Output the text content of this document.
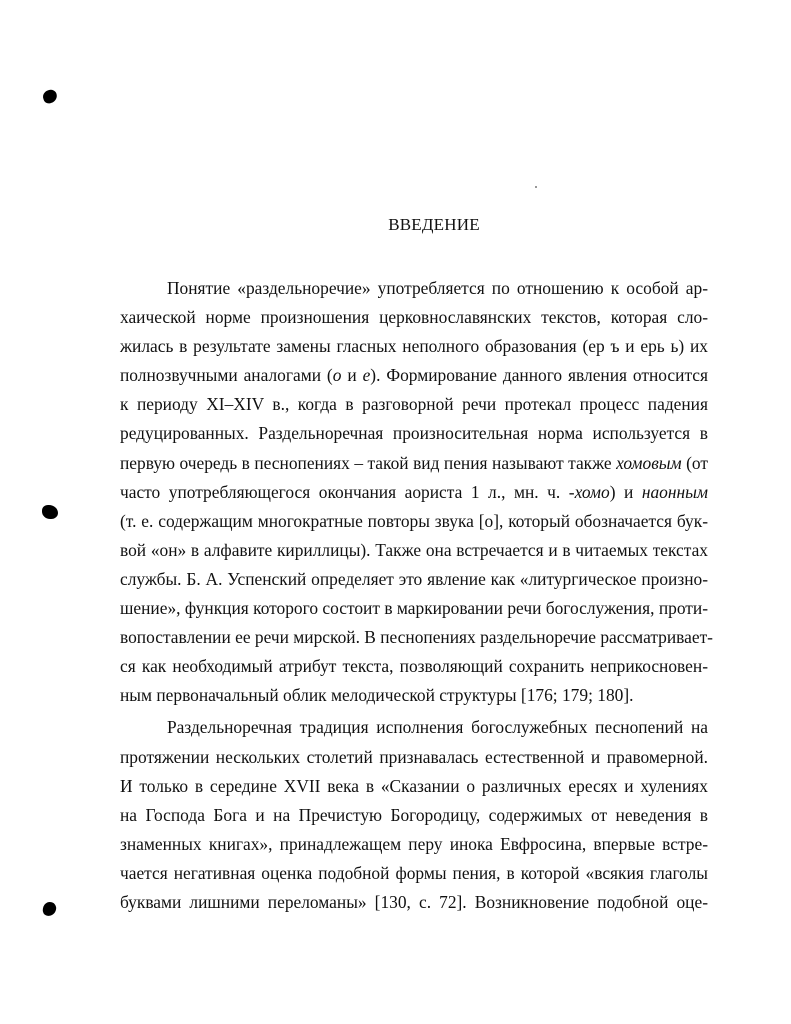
ВВЕДЕНИЕ
Понятие «раздельноречие» употребляется по отношению к особой ар-
хаической норме произношения церковнославянских текстов, которая сло-
жилась в результате замены гласных неполного образования (ер ъ и ерь ь) их
полнозвучными аналогами (о и е). Формирование данного явления относится
к периоду XI–XIV в., когда в разговорной речи протекал процесс падения
редуцированных. Раздельноречная произносительная норма используется в
первую очередь в песнопениях – такой вид пения называют также хомовым (от
часто употребляющегося окончания аориста 1 л., мн. ч. -хомо) и наонным
(т. е. содержащим многократные повторы звука [о], который обозначается бук-
вой «он» в алфавите кириллицы). Также она встречается и в читаемых текстах
службы. Б. А. Успенский определяет это явление как «литургическое произно-
шение», функция которого состоит в маркировании речи богослужения, проти-
вопоставлении ее речи мирской. В песнопениях раздельноречие рассматривает-
ся как необходимый атрибут текста, позволяющий сохранить неприкосновен-
ным первоначальный облик мелодической структуры [176; 179; 180].
Раздельноречная традиция исполнения богослужебных песнопений на
протяжении нескольких столетий признавалась естественной и правомерной.
И только в середине XVII века в «Сказании о различных ересях и хулениях
на Господа Бога и на Пречистую Богородицу, содержимых от неведения в
знаменных книгах», принадлежащем перу инока Евфросина, впервые встре-
чается негативная оценка подобной формы пения, в которой «всякия глаголы
буквами лишними переломаны» [130, с. 72]. Возникновение подобной оце-
